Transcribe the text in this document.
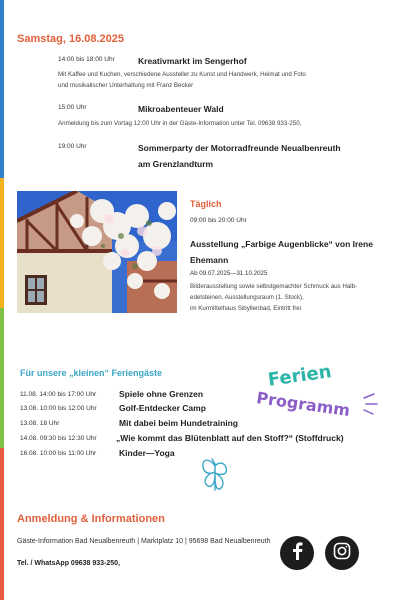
Samstag, 16.08.2025
14:00 bis 18:00 Uhr	Kreativmarkt im Sengerhof
Mit Kaffee und Kuchen, verschiedene Aussteller zu Kunst und Handwerk, Heimat und Foto
und musikalischer Unterhaltung mit Franz Becker
15:00 Uhr	Mikroabenteuer Wald
Anmeldung bis zum Vortag 12:00 Uhr in der Gäste-Information unter Tel. 09638 933-250,
19:00 Uhr	Sommerparty der Motorradfreunde Neualbenreuth
am Grenzlandturm
Täglich
09:00 bis 20:00 Uhr
Ausstellung „Farbige Augenblicke“ von Irene Ehemann
Ab 09.07.2025—31.10.2025
Bilderausstellung sowie selbstgemachter Schmuck aus Halb-
edelsteinen. Ausstellungsraum (1. Stock),
im Kurmittelhaus Sibyllenbad, Eintritt frei
Für unsere „kleinen“ Feriengäste	Ferien
Programm
11.08. 14:00 bis 17:00 Uhr	Spiele ohne Grenzen
13.08. 10:00 bis 12:00 Uhr	Golf-Entdecker Camp
13.08. 18 Uhr	Mit dabei beim Hundetraining
14.08. 09:30 bis 12:30 Uhr „Wie kommt das Blütenblatt auf den Stoff?“ (Stoffdruck)
16.08. 10:00 bis 11:00 Uhr	Kinder—Yoga
Anmeldung & Informationen
Gäste-Information Bad Neualbenreuth | Marktplatz 10 | 95698 Bad Neualbenreuth
Tel. / WhatsApp 09638 933-250,
